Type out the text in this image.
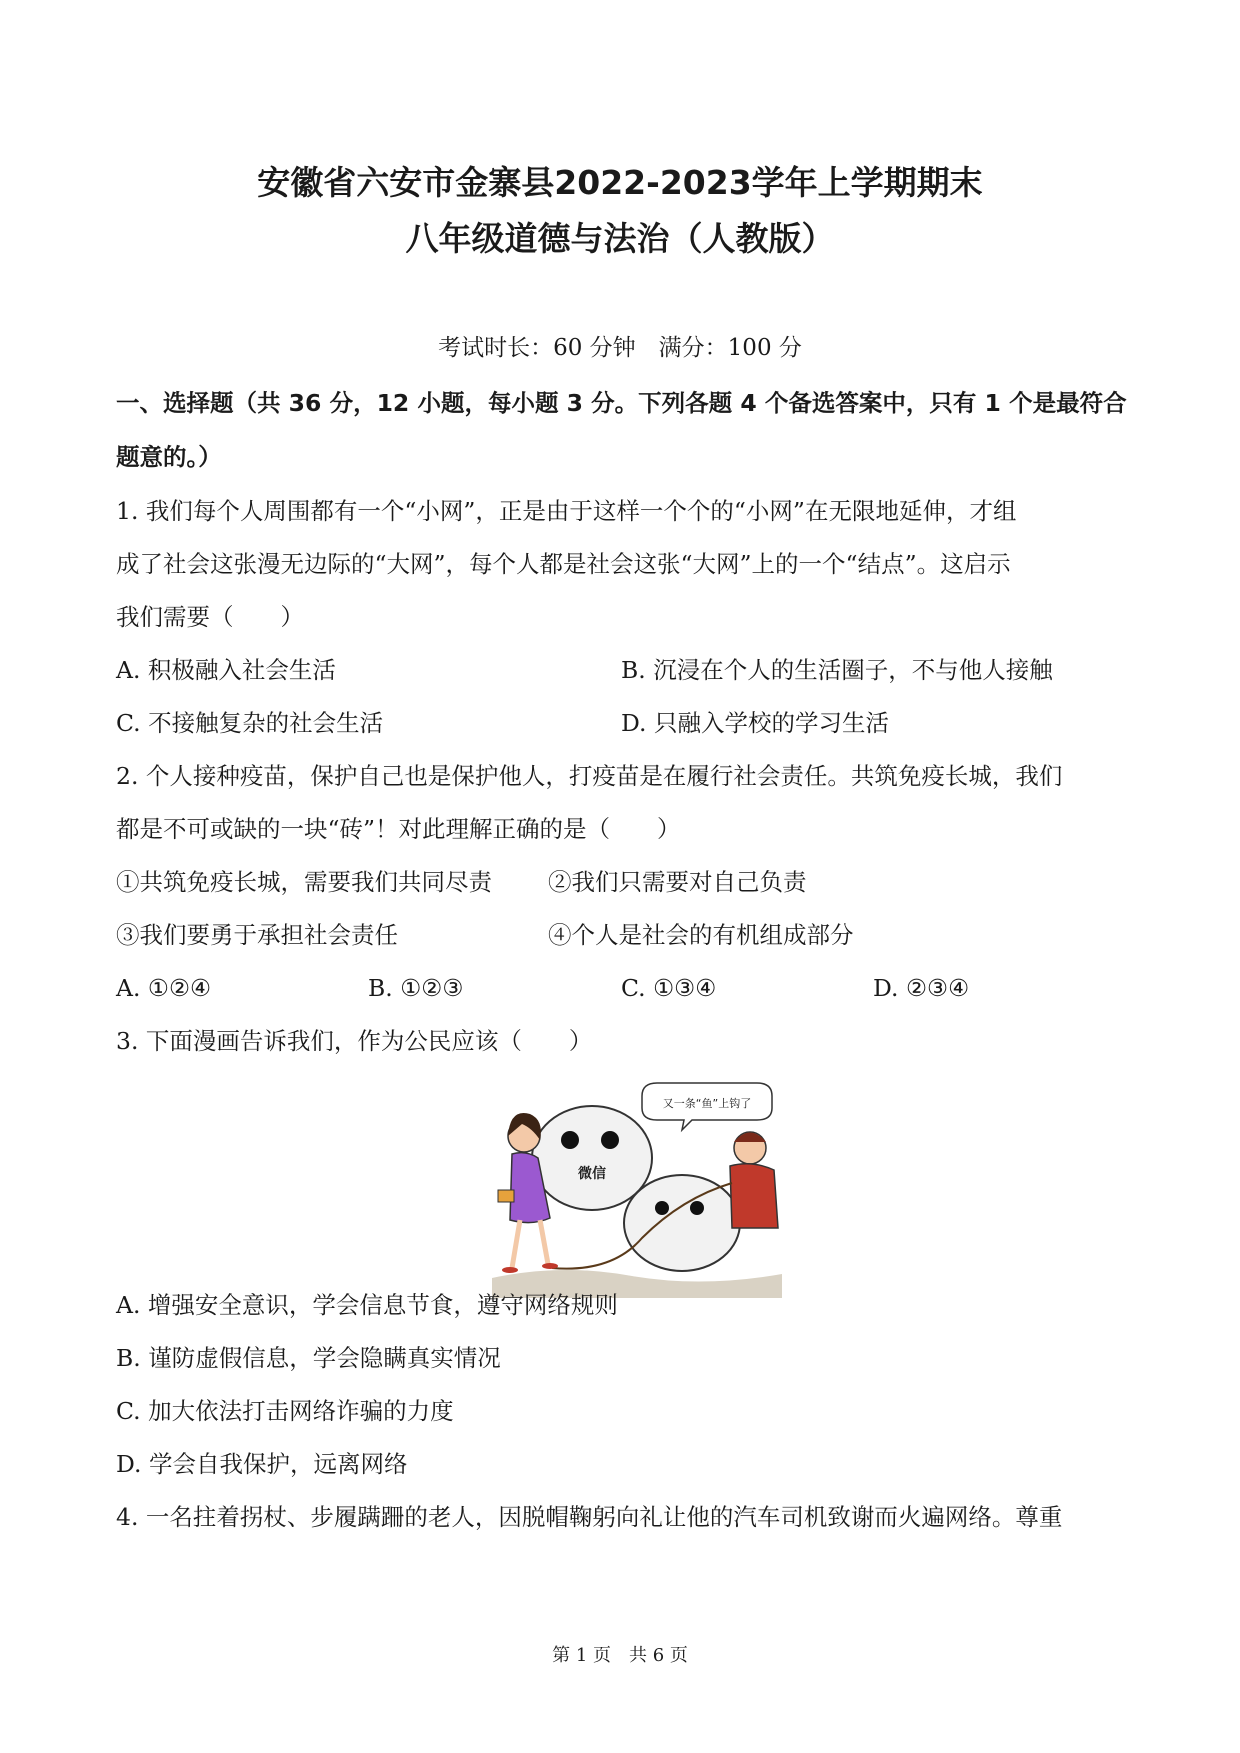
安徽省六安市金寨县2022-2023学年上学期期末
八年级道德与法治（人教版）
考试时长：60 分钟　满分：100 分
一、选择题（共 36 分，12 小题，每小题 3 分。下列各题 4 个备选答案中，只有 1 个是最符合
题意的。）
1. 我们每个人周围都有一个“小网”，正是由于这样一个个的“小网”在无限地延伸，才组
成了社会这张漫无边际的“大网”，每个人都是社会这张“大网”上的一个“结点”。这启示
我们需要（　　）
A. 积极融入社会生活	B. 沉浸在个人的生活圈子，不与他人接触
C. 不接触复杂的社会生活	D. 只融入学校的学习生活
2. 个人接种疫苗，保护自己也是保护他人，打疫苗是在履行社会责任。共筑免疫长城，我们
都是不可或缺的一块“砖”！对此理解正确的是（　　）
①共筑免疫长城，需要我们共同尽责 ②我们只需要对自己负责
③我们要勇于承担社会责任	④个人是社会的有机组成部分
A. ①②④	B. ①②③	C. ①③④	D. ②③④
3. 下面漫画告诉我们，作为公民应该（　　）
微信
又一条“鱼”上钩了
A. 增强安全意识，学会信息节食，遵守网络规则
B. 谨防虚假信息，学会隐瞒真实情况
C. 加大依法打击网络诈骗的力度
D. 学会自我保护，远离网络
4. 一名拄着拐杖、步履蹒跚的老人，因脱帽鞠躬向礼让他的汽车司机致谢而火遍网络。尊重
第 1 页　共 6 页
